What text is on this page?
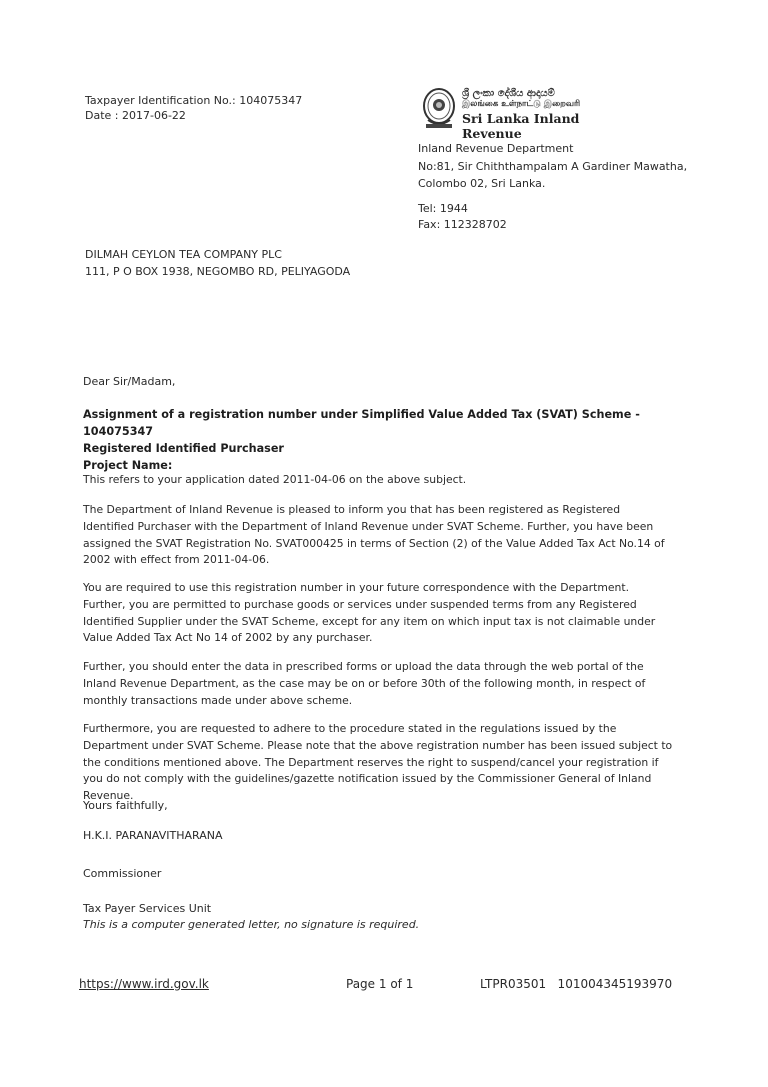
Taxpayer Identification No.: 104075347
Date : 2017-06-22
ශ්‍රී ලංකා දේශීය ආදායම්
இலங்கை உள்நாட்டு இறைவரி
Sri Lanka Inland Revenue
Inland Revenue Department
No:81, Sir Chiththampalam A Gardiner Mawatha,
Colombo 02, Sri Lanka.
Tel: 1944
Fax: 112328702
DILMAH CEYLON TEA COMPANY PLC
111, P O BOX 1938, NEGOMBO RD, PELIYAGODA
Dear Sir/Madam,
Assignment of a registration number under Simplified Value Added Tax (SVAT) Scheme - 104075347
Registered Identified Purchaser
Project Name:
This refers to your application dated 2011-04-06 on the above subject.
The Department of Inland Revenue is pleased to inform you that has been registered as Registered Identified Purchaser with the Department of Inland Revenue under SVAT Scheme. Further, you have been assigned the SVAT Registration No. SVAT000425 in terms of Section (2) of the Value Added Tax Act No.14 of 2002 with effect from 2011-04-06.
You are required to use this registration number in your future correspondence with the Department. Further, you are permitted to purchase goods or services under suspended terms from any Registered Identified Supplier under the SVAT Scheme, except for any item on which input tax is not claimable under Value Added Tax Act No 14 of 2002 by any purchaser.
Further, you should enter the data in prescribed forms or upload the data through the web portal of the Inland Revenue Department, as the case may be on or before 30th of the following month, in respect of monthly transactions made under above scheme.
Furthermore, you are requested to adhere to the procedure stated in the regulations issued by the Department under SVAT Scheme. Please note that the above registration number has been issued subject to the conditions mentioned above. The Department reserves the right to suspend/cancel your registration if you do not comply with the guidelines/gazette notification issued by the Commissioner General of Inland Revenue.
Yours faithfully,
H.K.I. PARANAVITHARANA
Commissioner
Tax Payer Services Unit
This is a computer generated letter, no signature is required.
https://www.ird.gov.lk	Page 1 of 1	LTPR03501   101004345193970
